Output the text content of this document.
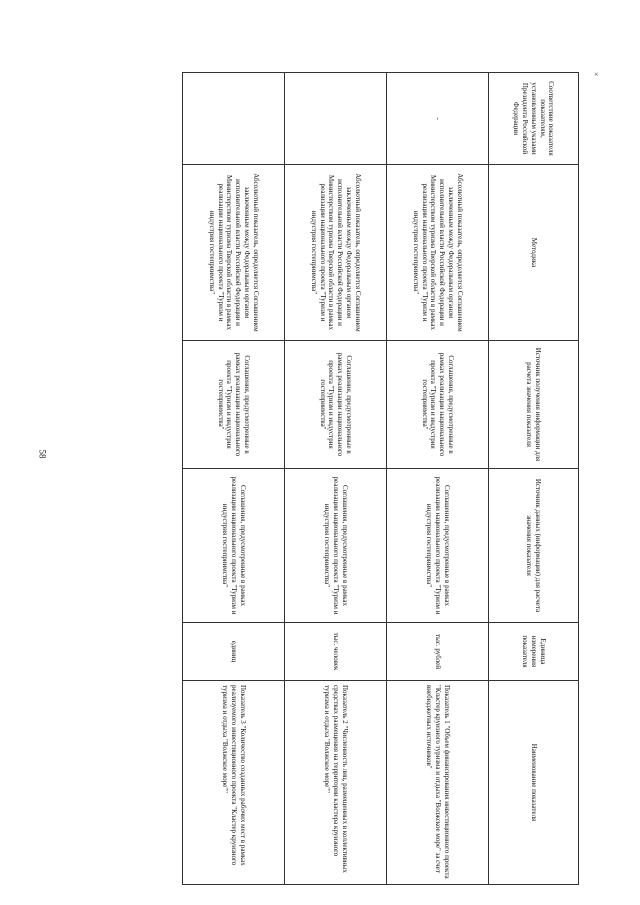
58
×
Соответствие показателя показателям, установленным указами Президента Российской Федерации	Методика	Источник получения информации для расчета значения показателя	Источник данных (информации) для расчета значения показателя	Единица измерения показателя	Наименование показателя
-	Абсолютный показатель, определяется Соглашением заключенным между Федеральным органом исполнительной власти Российской Федерации и Министерством туризма Тверской области в рамках реализации национального проекта "Туризм и индустрия гостеприимства"	Соглашения, предусмотренные в рамках реализации национального проекта "Туризм и индустрия гостеприимства"	Соглашения, предусмотренные в рамках реализации национального проекта "Туризм и индустрия гостеприимства"	тыс. рублей	Показатель 1 "Объем финансирования инвестиционного проекта "Кластер круизного туризма и отдыха "Волжское море" за счет внебюджетных источников"
	Абсолютный показатель, определяется Соглашением заключенным между Федеральным органом исполнительной власти Российской Федерации и Министерством туризма Тверской области в рамках реализации национального проекта "Туризм и индустрия гостеприимства"	Соглашения, предусмотренные в рамках реализации национального проекта "Туризм и индустрия гостеприимства"	Соглашения, предусмотренные в рамках реализации национального проекта "Туризм и индустрия гостеприимства"	тыс. человек	Показатель 2 "Численность лиц, размещенных в коллективных средствах размещения на территории кластера круизного туризма и отдыха "Волжское море""
	Абсолютный показатель, определяется Соглашением заключенным между Федеральным органом исполнительной власти Российской Федерации и Министерством туризма Тверской области в рамках реализации национального проекта "Туризм и индустрия гостеприимства"	Соглашения, предусмотренные в рамках реализации национального проекта "Туризм и индустрия гостеприимства"	Соглашения, предусмотренные в рамках реализации национального проекта "Туризм и индустрия гостеприимства"	единиц	Показатель 3 "Количество созданных рабочих мест в рамках реализуемого инвестиционного проекта "Кластер круизного туризма и отдыха "Волжское море""
